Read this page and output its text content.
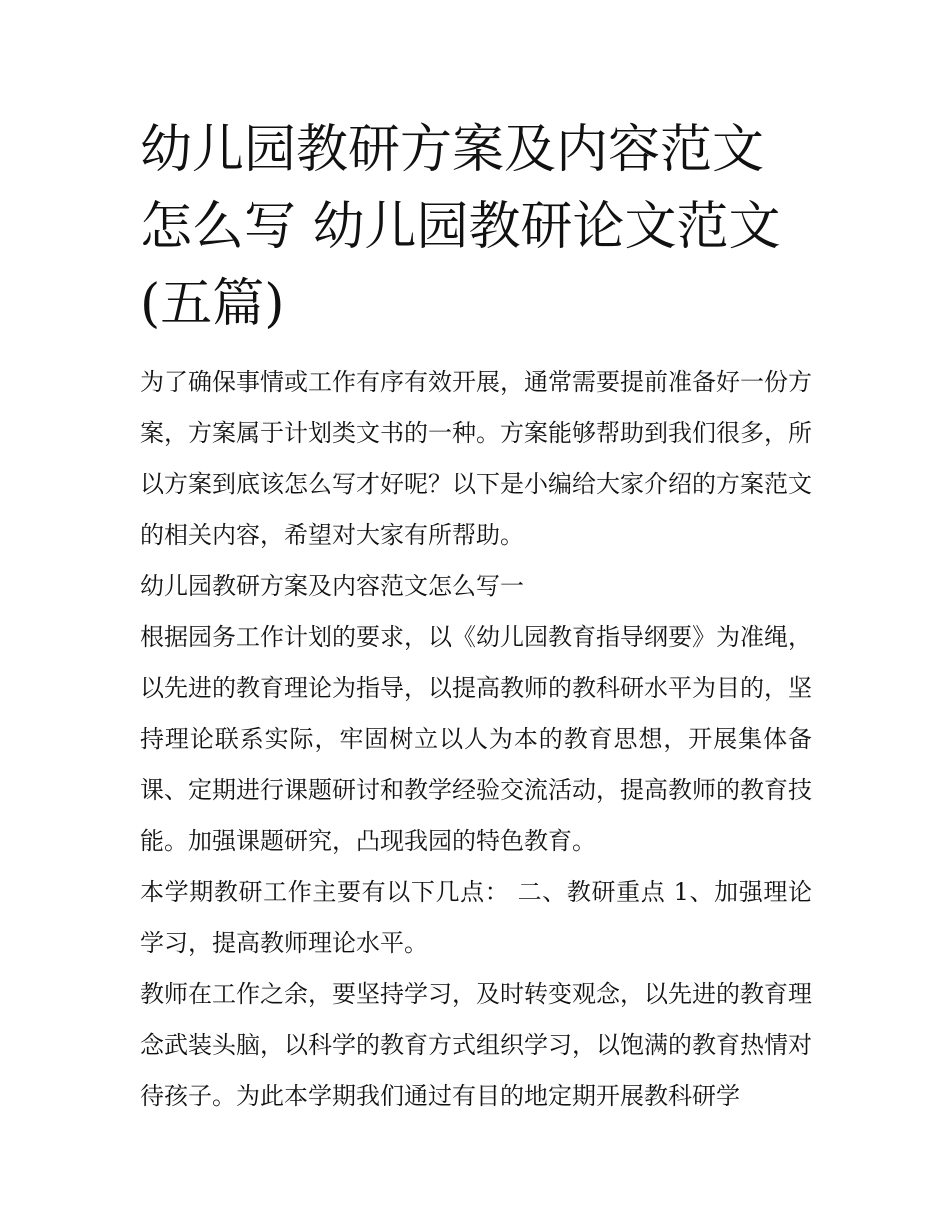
幼儿园教研方案及内容范文怎么写 幼儿园教研论文范文(五篇)

为了确保事情或工作有序有效开展，通常需要提前准备好一份方案，方案属于计划类文书的一种。方案能够帮助到我们很多，所以方案到底该怎么写才好呢？以下是小编给大家介绍的方案范文的相关内容，希望对大家有所帮助。

幼儿园教研方案及内容范文怎么写一

根据园务工作计划的要求，以《幼儿园教育指导纲要》为准绳，以先进的教育理论为指导，以提高教师的教科研水平为目的，坚持理论联系实际，牢固树立以人为本的教育思想，开展集体备课、定期进行课题研讨和教学经验交流活动，提高教师的教育技能。加强课题研究，凸现我园的特色教育。

本学期教研工作主要有以下几点： 二、教研重点 1、加强理论学习，提高教师理论水平。

教师在工作之余，要坚持学习，及时转变观念，以先进的教育理念武装头脑，以科学的教育方式组织学习，以饱满的教育热情对待孩子。为此本学期我们通过有目的地定期开展教科研学
